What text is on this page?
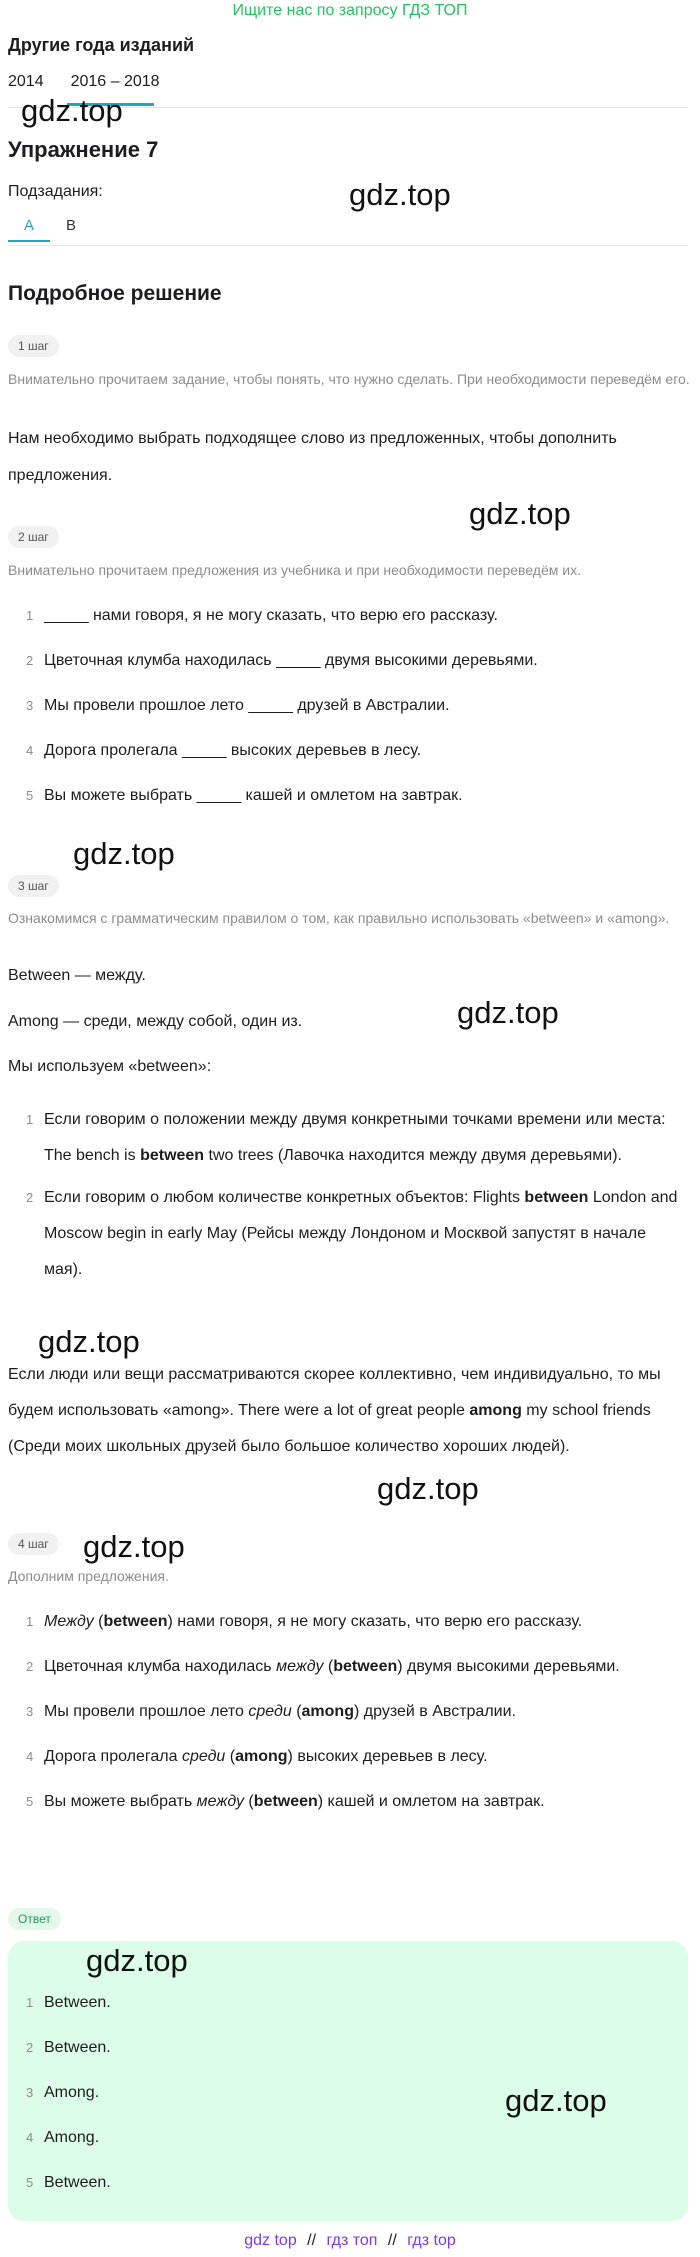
Ищите нас по запросу ГДЗ ТОП
Другие года изданий
2014 2016 – 2018
Упражнение 7
Подзадания:
А	В
Подробное решение
1 шаг
Внимательно прочитаем задание, чтобы понять, что нужно сделать. При необходимости переведём его.
Нам необходимо выбрать подходящее слово из предложенных, чтобы дополнить предложения.
2 шаг
Внимательно прочитаем предложения из учебника и при необходимости переведём их.
1 _____ нами говоря, я не могу сказать, что верю его рассказу.
2 Цветочная клумба находилась _____ двумя высокими деревьями.
3 Мы провели прошлое лето _____ друзей в Австралии.
4 Дорога пролегала _____ высоких деревьев в лесу.
5 Вы можете выбрать _____ кашей и омлетом на завтрак.
3 шаг
Ознакомимся с грамматическим правилом о том, как правильно использовать «between» и «among».
Between — между.
Among — среди, между собой, один из.
Мы используем «between»:
1 Если говорим о положении между двумя конкретными точками времени или места: The bench is between two trees (Лавочка находится между двумя деревьями).
2 Если говорим о любом количестве конкретных объектов: Flights between London and Moscow begin in early May (Рейсы между Лондоном и Москвой запустят в начале мая).
Если люди или вещи рассматриваются скорее коллективно, чем индивидуально, то мы будем использовать «among». There were a lot of great people among my school friends (Среди моих школьных друзей было большое количество хороших людей).
4 шаг
Дополним предложения.
1 Между (between) нами говоря, я не могу сказать, что верю его рассказу.
2 Цветочная клумба находилась между (between) двумя высокими деревьями.
3 Мы провели прошлое лето среди (among) друзей в Австралии.
4 Дорога пролегала среди (among) высоких деревьев в лесу.
5 Вы можете выбрать между (between) кашей и омлетом на завтрак.
Ответ
1 Between.
2 Between.
3 Among.
4 Among.
5 Between.
gdz.top
gdz.top
gdz.top
gdz.top
gdz.top
gdz.top
gdz.top
gdz.top
gdz.top
gdz.top
gdz top // гдз топ // гдз top
